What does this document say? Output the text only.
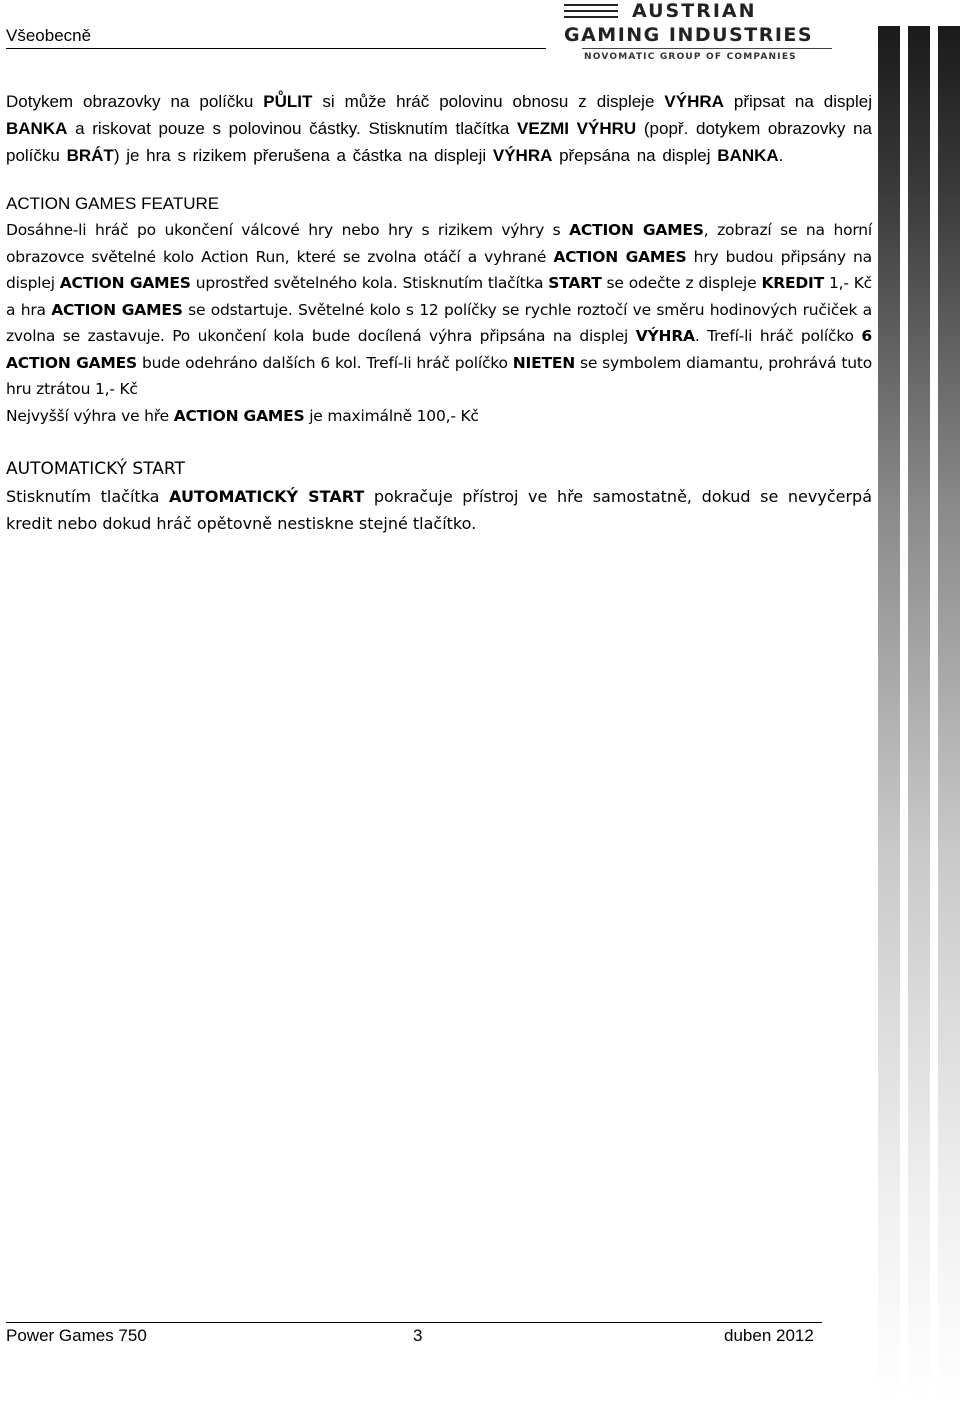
Všeobecně
AUSTRIAN
GAMING INDUSTRIES
NOVOMATIC GROUP OF COMPANIES

Dotykem obrazovky na políčku PŮLIT si může hráč polovinu obnosu z displeje VÝHRA připsat na displej BANKA a riskovat pouze s polovinou částky. Stisknutím tlačítka VEZMI VÝHRU (popř. dotykem obrazovky na políčku BRÁT) je hra s rizikem přerušena a částka na displeji VÝHRA přepsána na displej BANKA.

ACTION GAMES FEATURE

Dosáhne-li hráč po ukončení válcové hry nebo hry s rizikem výhry s ACTION GAMES, zobrazí se na horní obrazovce světelné kolo Action Run, které se zvolna otáčí a vyhrané ACTION GAMES hry budou připsány na displej ACTION GAMES uprostřed světelného kola. Stisknutím tlačítka START se odečte z displeje KREDIT 1,- Kč a hra ACTION GAMES se odstartuje. Světelné kolo s 12 políčky se rychle roztočí ve směru hodinových ručiček a zvolna se zastavuje. Po ukončení kola bude docílená výhra připsána na displej VÝHRA. Trefí-li hráč políčko 6 ACTION GAMES bude odehráno dalších 6 kol. Trefí-li hráč políčko NIETEN se symbolem diamantu, prohrává tuto hru ztrátou 1,- Kč
Nejvyšší výhra ve hře ACTION GAMES je maximálně 100,- Kč

AUTOMATICKÝ START

Stisknutím tlačítka AUTOMATICKÝ START pokračuje přístroj ve hře samostatně, dokud se nevyčerpá kredit nebo dokud hráč opětovně nestiskne stejné tlačítko.

Power Games 750	3	duben 2012
